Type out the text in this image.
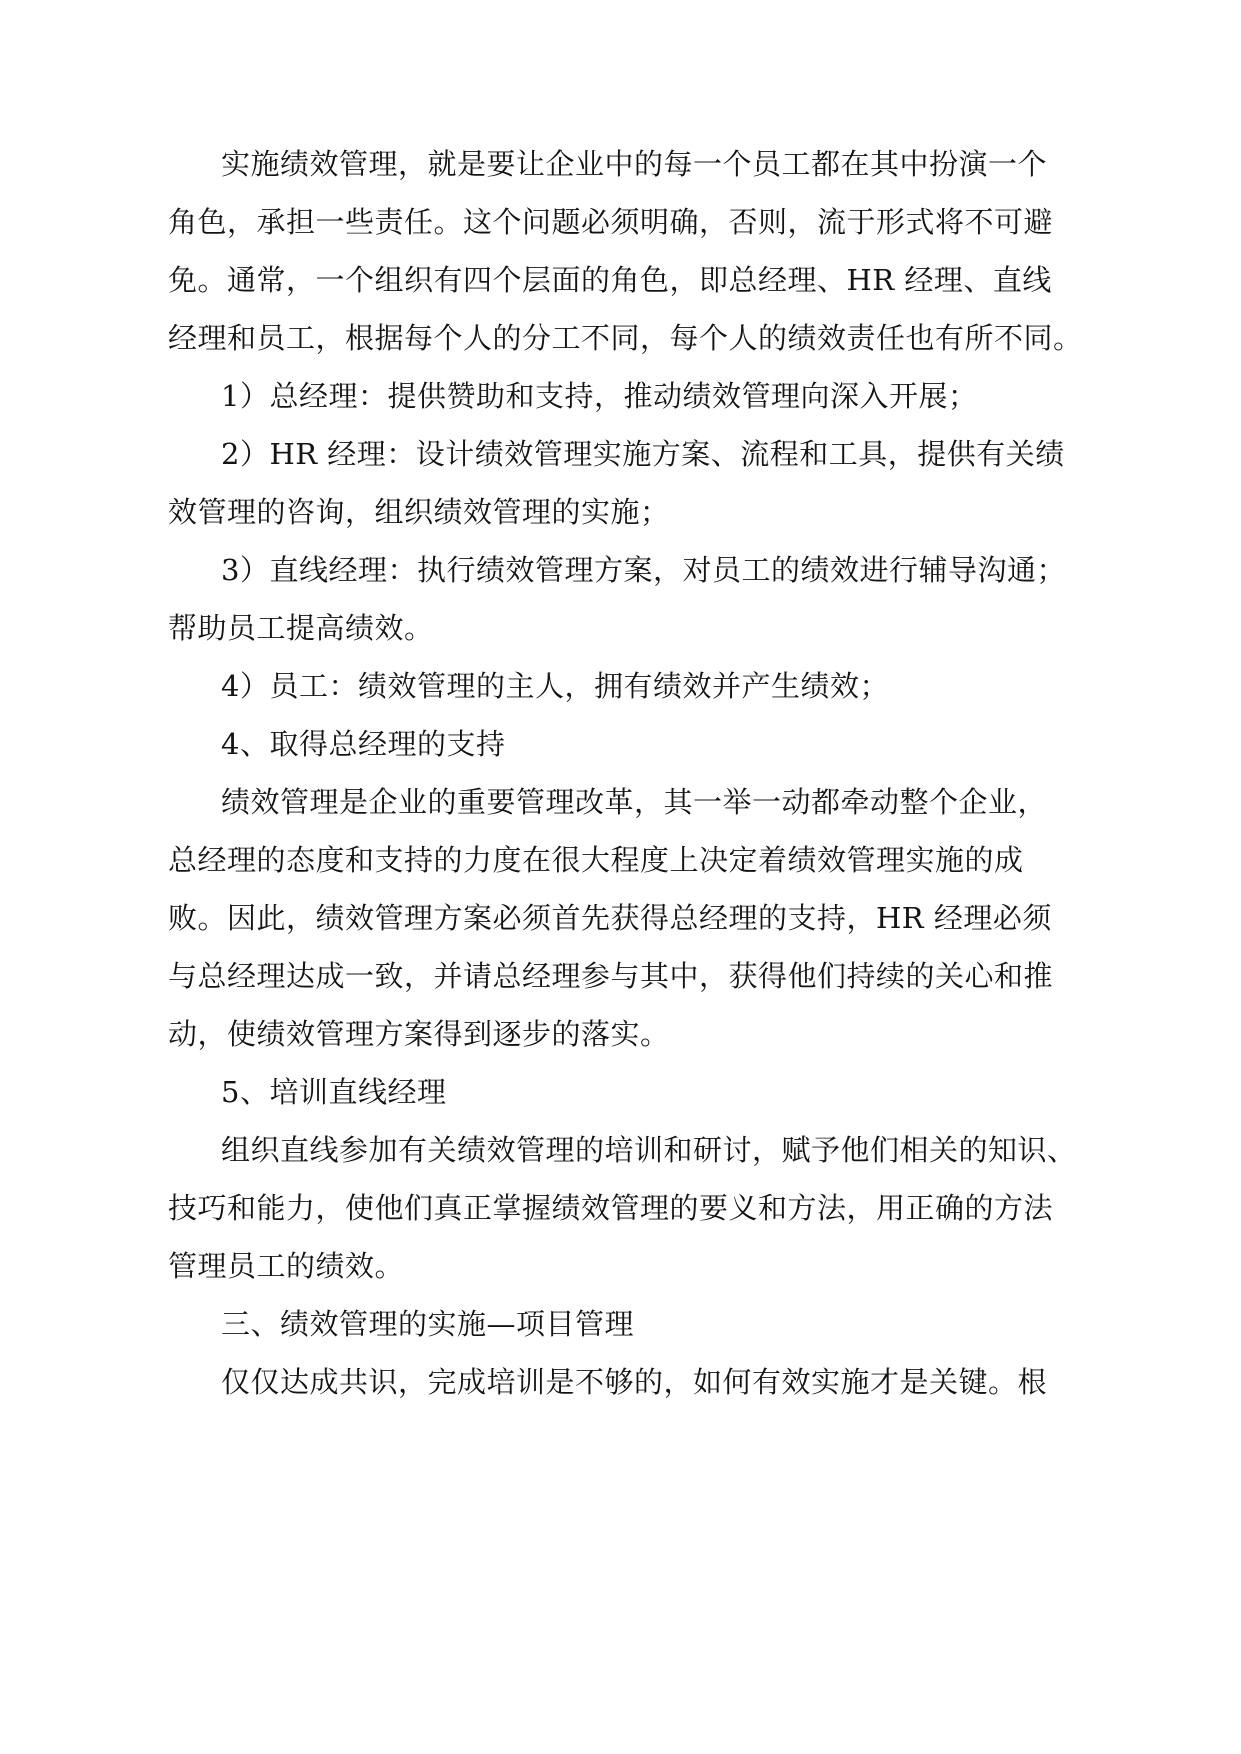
实施绩效管理，就是要让企业中的每一个员工都在其中扮演一个
角色，承担一些责任。这个问题必须明确，否则，流于形式将不可避
免。通常，一个组织有四个层面的角色，即总经理、HR 经理、直线
经理和员工，根据每个人的分工不同，每个人的绩效责任也有所不同。
1）总经理：提供赞助和支持，推动绩效管理向深入开展；
2）HR 经理：设计绩效管理实施方案、流程和工具，提供有关绩
效管理的咨询，组织绩效管理的实施；
3）直线经理：执行绩效管理方案，对员工的绩效进行辅导沟通；
帮助员工提高绩效。
4）员工：绩效管理的主人，拥有绩效并产生绩效；
4、取得总经理的支持
绩效管理是企业的重要管理改革，其一举一动都牵动整个企业，
总经理的态度和支持的力度在很大程度上决定着绩效管理实施的成
败。因此，绩效管理方案必须首先获得总经理的支持，HR 经理必须
与总经理达成一致，并请总经理参与其中，获得他们持续的关心和推
动，使绩效管理方案得到逐步的落实。
5、培训直线经理
组织直线参加有关绩效管理的培训和研讨，赋予他们相关的知识、
技巧和能力，使他们真正掌握绩效管理的要义和方法，用正确的方法
管理员工的绩效。
三、绩效管理的实施—项目管理
仅仅达成共识，完成培训是不够的，如何有效实施才是关键。根
